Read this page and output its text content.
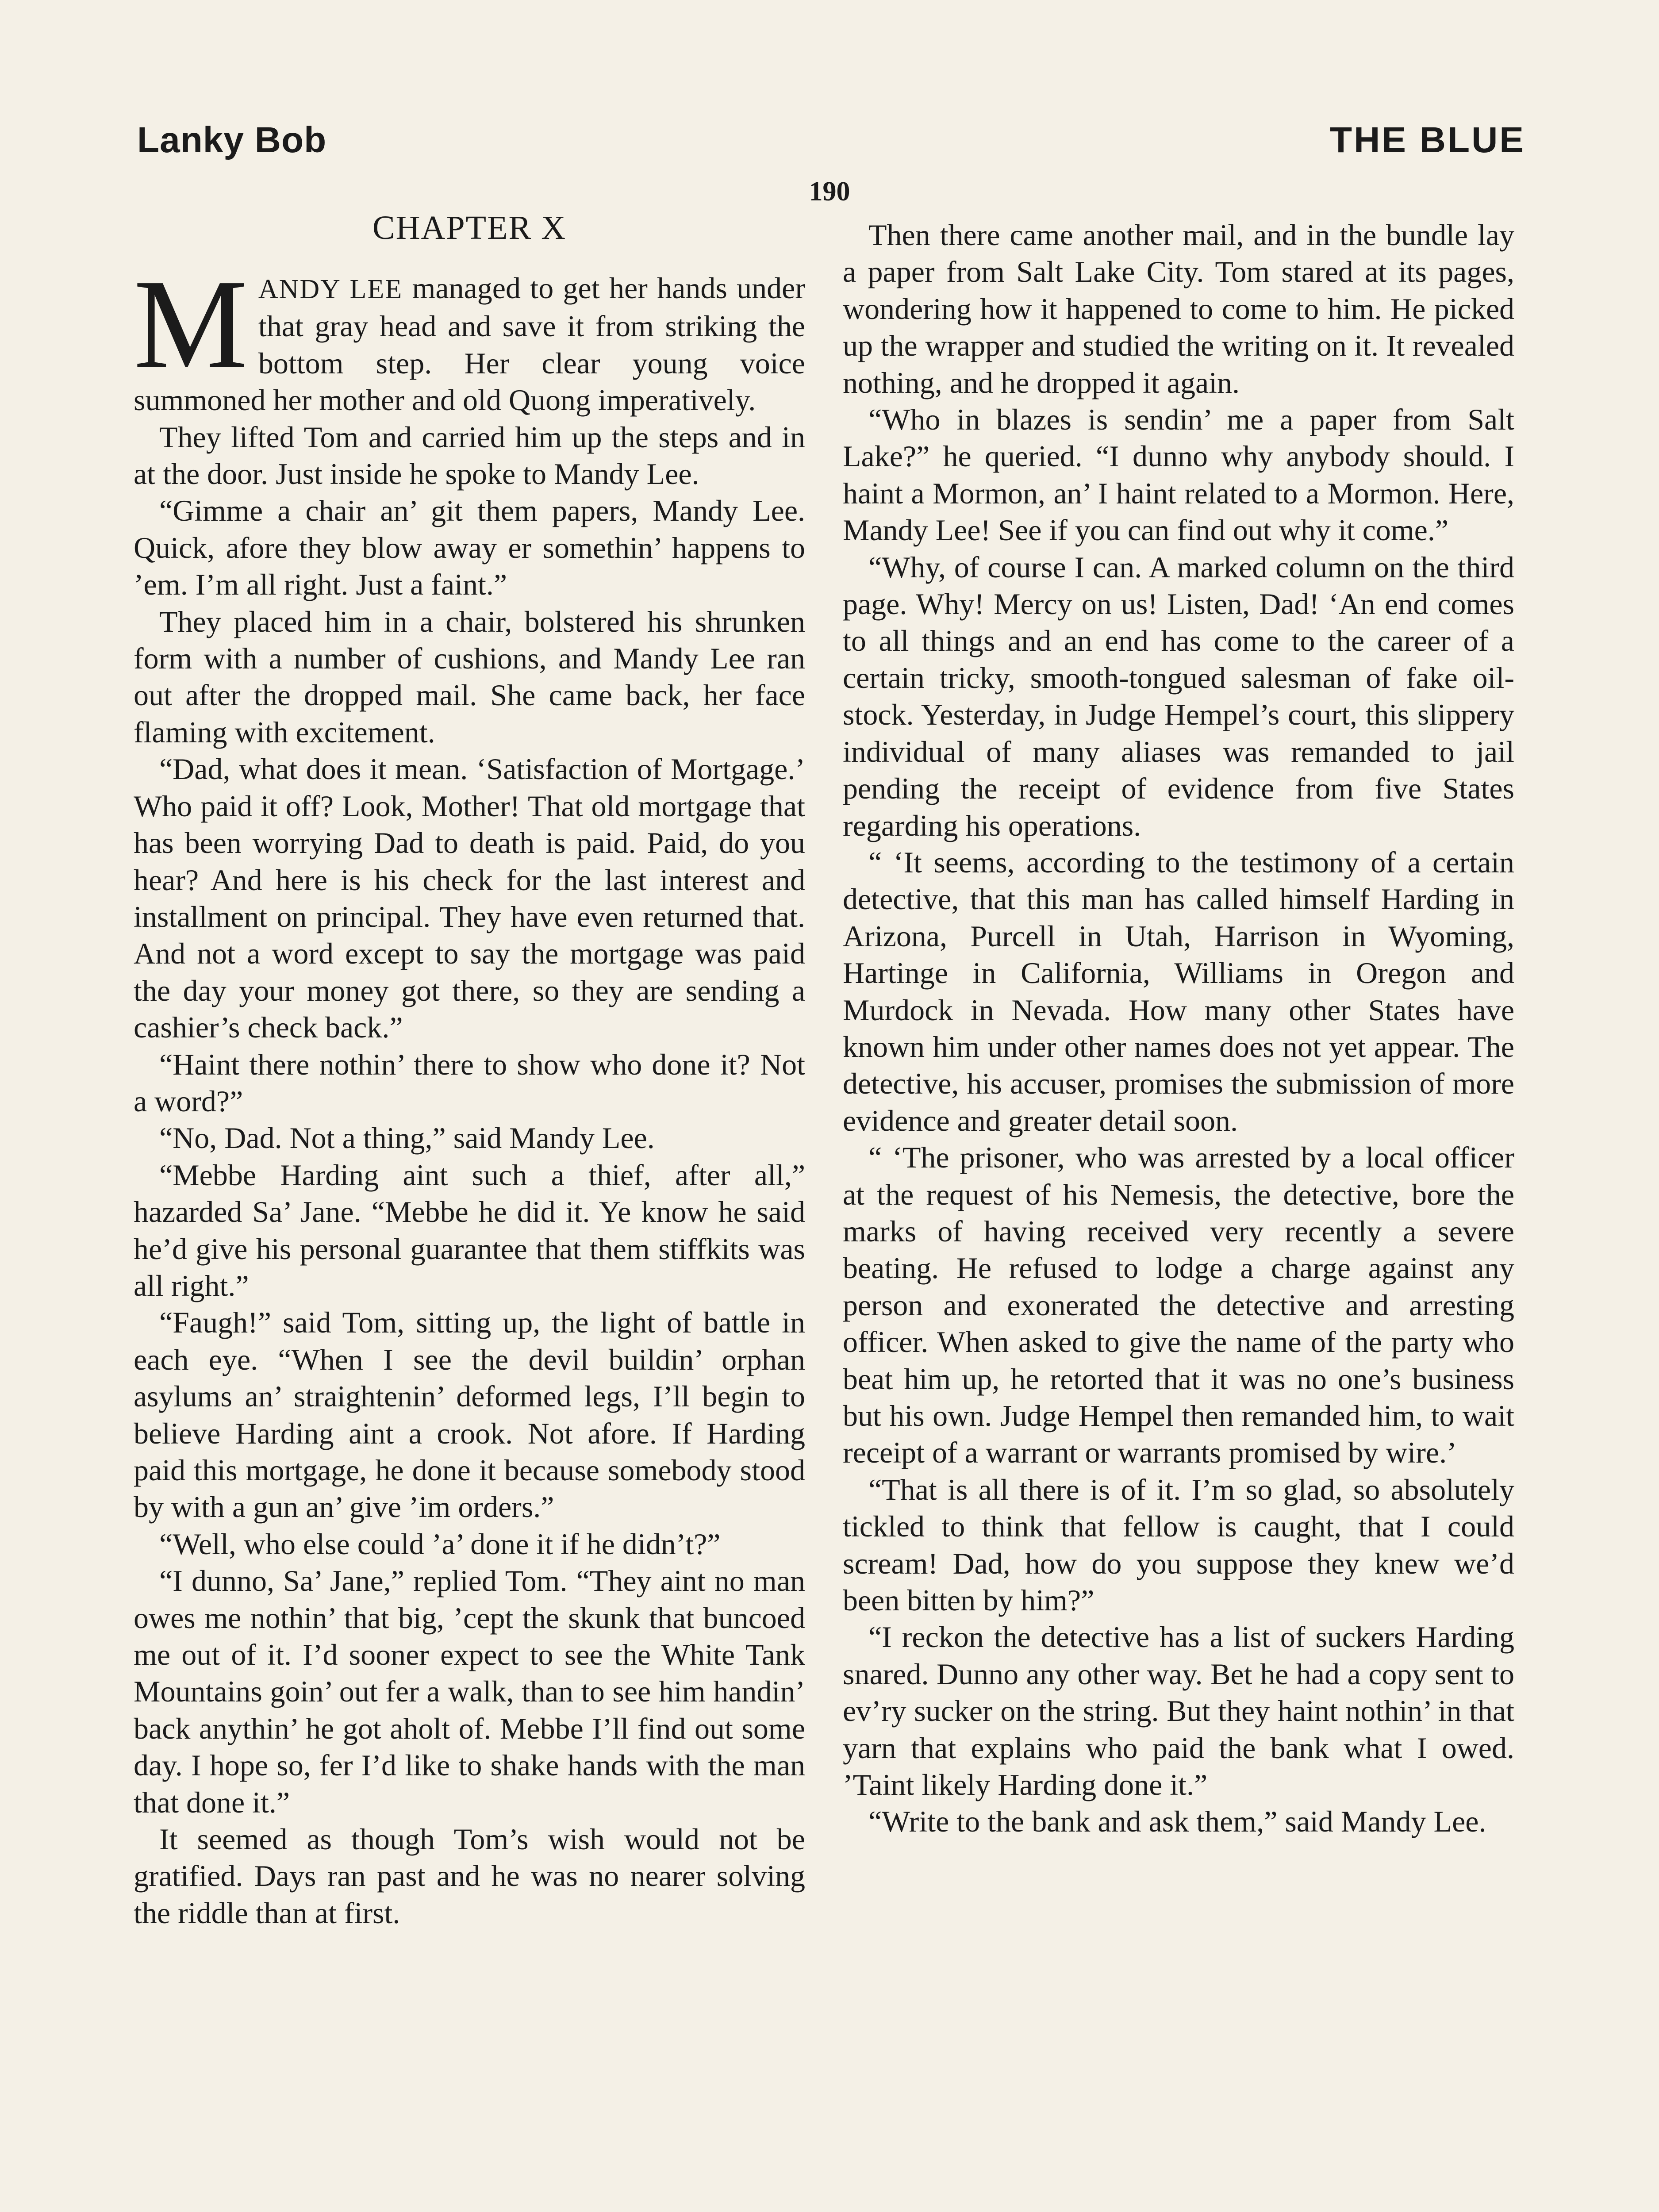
Lanky Bob	THE BLUE
190
CHAPTER X

MANDY LEE managed to get her hands under that gray head and save it from striking the bottom step. Her clear young voice summoned her mother and old Quong imperatively.

They lifted Tom and carried him up the steps and in at the door. Just inside he spoke to Mandy Lee.

“Gimme a chair an’ git them papers, Mandy Lee. Quick, afore they blow away er somethin’ happens to ’em. I’m all right. Just a faint.”

They placed him in a chair, bolstered his shrunken form with a number of cushions, and Mandy Lee ran out after the dropped mail. She came back, her face flaming with excitement.

“Dad, what does it mean. ‘Satisfaction of Mortgage.’ Who paid it off? Look, Mother! That old mortgage that has been worrying Dad to death is paid. Paid, do you hear? And here is his check for the last interest and installment on principal. They have even returned that. And not a word except to say the mortgage was paid the day your money got there, so they are sending a cashier’s check back.”

“Haint there nothin’ there to show who done it? Not a word?”

“No, Dad. Not a thing,” said Mandy Lee.

“Mebbe Harding aint such a thief, after all,” hazarded Sa’ Jane. “Mebbe he did it. Ye know he said he’d give his personal guarantee that them stiffkits was all right.”

“Faugh!” said Tom, sitting up, the light of battle in each eye. “When I see the devil buildin’ orphan asylums an’ straightenin’ deformed legs, I’ll begin to believe Harding aint a crook. Not afore. If Harding paid this mortgage, he done it because somebody stood by with a gun an’ give ’im orders.”

“Well, who else could ’a’ done it if he didn’t?”

“I dunno, Sa’ Jane,” replied Tom. “They aint no man owes me nothin’ that big, ’cept the skunk that buncoed me out of it. I’d sooner expect to see the White Tank Mountains goin’ out fer a walk, than to see him handin’ back anythin’ he got aholt of. Mebbe I’ll find out some day. I hope so, fer I’d like to shake hands with the man that done it.”

It seemed as though Tom’s wish would not be gratified. Days ran past and he was no nearer solving the riddle than at first.

Then there came another mail, and in the bundle lay a paper from Salt Lake City. Tom stared at its pages, wondering how it happened to come to him. He picked up the wrapper and studied the writing on it. It revealed nothing, and he dropped it again.

“Who in blazes is sendin’ me a paper from Salt Lake?” he queried. “I dunno why anybody should. I haint a Mormon, an’ I haint related to a Mormon. Here, Mandy Lee! See if you can find out why it come.”

“Why, of course I can. A marked column on the third page. Why! Mercy on us! Listen, Dad! ‘An end comes to all things and an end has come to the career of a certain tricky, smooth-tongued salesman of fake oil-stock. Yesterday, in Judge Hempel’s court, this slippery individual of many aliases was remanded to jail pending the receipt of evidence from five States regarding his operations.

“ ‘It seems, according to the testimony of a certain detective, that this man has called himself Harding in Arizona, Purcell in Utah, Harrison in Wyoming, Hartinge in California, Williams in Oregon and Murdock in Nevada. How many other States have known him under other names does not yet appear. The detective, his accuser, promises the submission of more evidence and greater detail soon.

“ ‘The prisoner, who was arrested by a local officer at the request of his Nemesis, the detective, bore the marks of having received very recently a severe beating. He refused to lodge a charge against any person and exonerated the detective and arresting officer. When asked to give the name of the party who beat him up, he retorted that it was no one’s business but his own. Judge Hempel then remanded him, to wait receipt of a warrant or warrants promised by wire.’

“That is all there is of it. I’m so glad, so absolutely tickled to think that fellow is caught, that I could scream! Dad, how do you suppose they knew we’d been bitten by him?”

“I reckon the detective has a list of suckers Harding snared. Dunno any other way. Bet he had a copy sent to ev’ry sucker on the string. But they haint nothin’ in that yarn that explains who paid the bank what I owed. ’Taint likely Harding done it.”

“Write to the bank and ask them,” said Mandy Lee.
